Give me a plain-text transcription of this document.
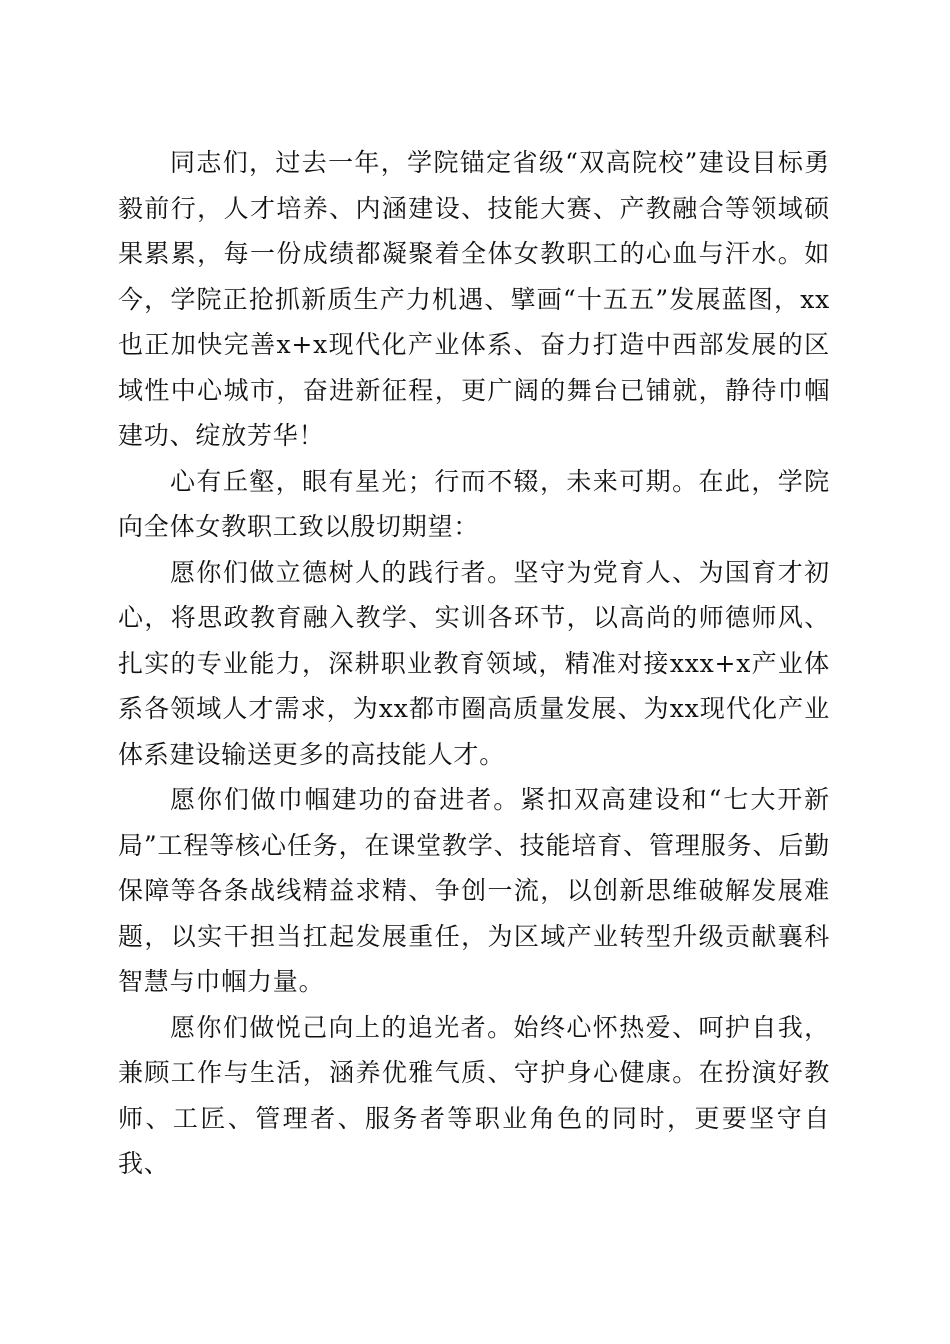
同志们，过去一年，学院锚定省级“双高院校”建设目标勇毅前行，人才培养、内涵建设、技能大赛、产教融合等领域硕果累累，每一份成绩都凝聚着全体女教职工的心血与汗水。如今，学院正抢抓新质生产力机遇、擘画“十五五”发展蓝图，xx也正加快完善x+x现代化产业体系、奋力打造中西部发展的区域性中心城市，奋进新征程，更广阔的舞台已铺就，静待巾帼建功、绽放芳华！

心有丘壑，眼有星光；行而不辍，未来可期。在此，学院向全体女教职工致以殷切期望：

愿你们做立德树人的践行者。坚守为党育人、为国育才初心，将思政教育融入教学、实训各环节，以高尚的师德师风、扎实的专业能力，深耕职业教育领域，精准对接xxx+x产业体系各领域人才需求，为xx都市圈高质量发展、为xx现代化产业体系建设输送更多的高技能人才。

愿你们做巾帼建功的奋进者。紧扣双高建设和“七大开新局”工程等核心任务，在课堂教学、技能培育、管理服务、后勤保障等各条战线精益求精、争创一流，以创新思维破解发展难题，以实干担当扛起发展重任，为区域产业转型升级贡献襄科智慧与巾帼力量。

愿你们做悦己向上的追光者。始终心怀热爱、呵护自我，兼顾工作与生活，涵养优雅气质、守护身心健康。在扮演好教师、工匠、管理者、服务者等职业角色的同时，更要坚守自我、
